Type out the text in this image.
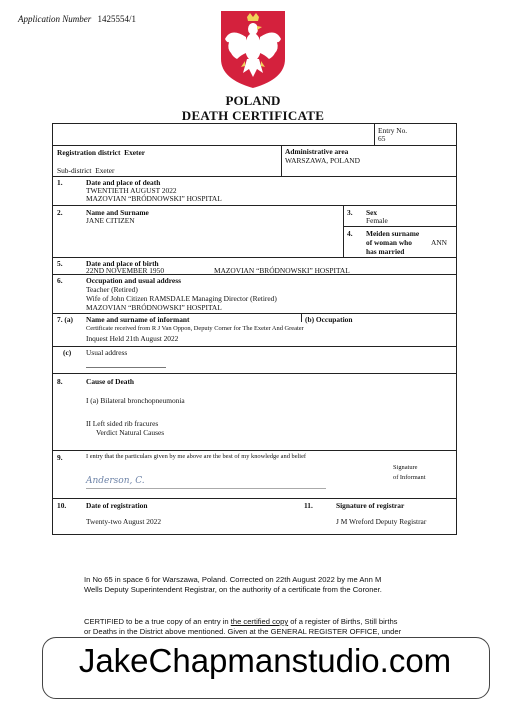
Application Number 1425554/1
POLAND
DEATH CERTIFICATE
Entry No.
65
Registration district Exeter
Sub-district Exeter
Administrative area
WARSZAWA, POLAND
1.	Date and place of death
TWENTIETH AUGUST 2022
MAZOVIAN “BRÓDNOWSKI” HOSPITAL
2.	Name and Surname
JANE CITIZEN
3. Sex
Female
4. Meiden surname
of woman who
has married
ANN
5.	Date and place of birth
22ND NOVEMBER 1950	MAZOVIAN “BRÓDNOWSKI” HOSPITAL
6.	Occupation and usual address
Teacher (Retired)
Wife of John Citizen RAMSDALE Managing Director (Retired)
MAZOVIAN “BRÓDNOWSKI” HOSPITAL
7. (a) Name and surname of informant	(b) Occupation
Certificate received from R J Van Oppon, Deputy Corner for The Exeter And Greater
Inquest Held 21th August 2022
(c) Usual address
8.	Cause of Death
I (a) Bilateral bronchopneumonia
II Left sided rib fracures
Verdict Natural Causes
9.	I entry that the particulars given by me above are the best of my knowledge and belief
Anderson, C.
Signature
of Informant
10.	Date of registration
Twenty-two August 2022
11.	Signature of registrar
J M Wreford Deputy Registrar
In No 65 in space 6 for Warszawa, Poland. Corrected on 22th August 2022 by me Ann M
Wells Deputy Superintendent Registrar, on the authority of a certificate from the Coroner.
CERTIFIED to be a true copy of an entry in the certified copy of a register of Births, Still births
or Deaths in the District above mentioned. Given at the GENERAL REGISTER OFFICE, under
JakeChapmanstudio.com
